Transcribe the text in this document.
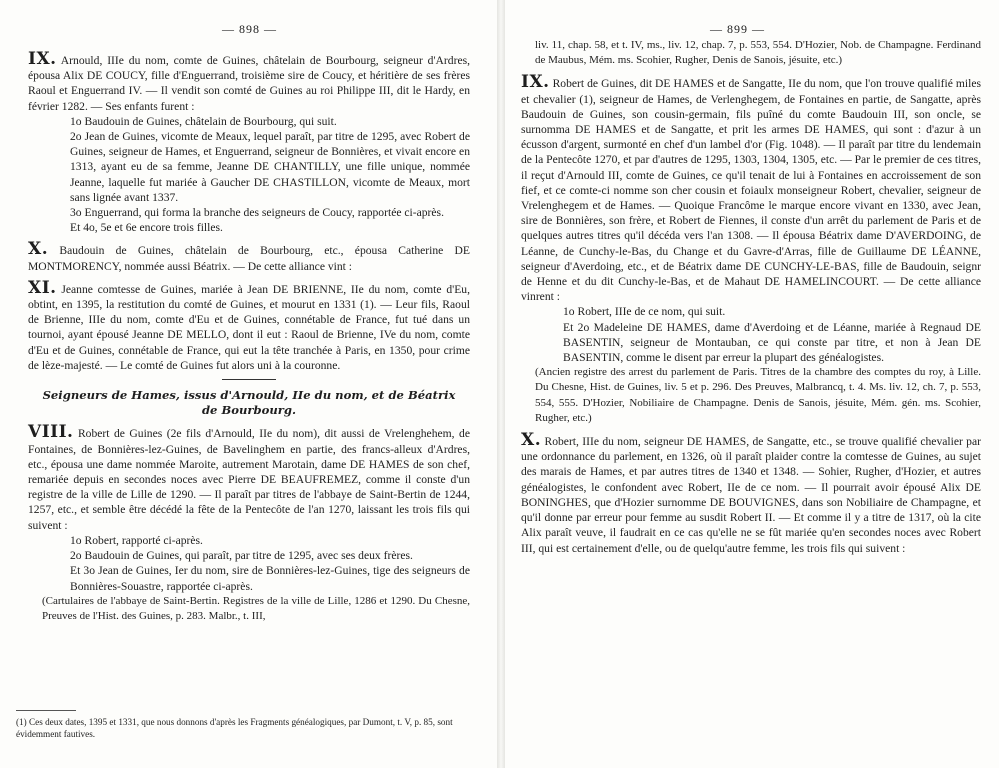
— 898 —

IX. Arnould, IIIe du nom, comte de Guines, châtelain de Bourbourg, seigneur d'Ardres, épousa Alix DE COUCY, fille d'Enguerrand, troisième sire de Coucy, et héritière de ses frères Raoul et Enguerrand IV. — Il vendit son comté de Guines au roi Philippe III, dit le Hardy, en février 1282. — Ses enfants furent :

1o Baudouin de Guines, châtelain de Bourbourg, qui suit.

2o Jean de Guines, vicomte de Meaux, lequel paraît, par titre de 1295, avec Robert de Guines, seigneur de Hames, et Enguerrand, seigneur de Bonnières, et vivait encore en 1313, ayant eu de sa femme, Jeanne DE CHANTILLY, une fille unique, nommée Jeanne, laquelle fut mariée à Gaucher DE CHASTILLON, vicomte de Meaux, mort sans lignée avant 1337.

3o Enguerrand, qui forma la branche des seigneurs de Coucy, rapportée ci-après.

Et 4o, 5e et 6e encore trois filles.

X. Baudouin de Guines, châtelain de Bourbourg, etc., épousa Catherine DE MONTMORENCY, nommée aussi Béatrix. — De cette alliance vint :

XI. Jeanne comtesse de Guines, mariée à Jean DE BRIENNE, IIe du nom, comte d'Eu, obtint, en 1395, la restitution du comté de Guines, et mourut en 1331 (1). — Leur fils, Raoul de Brienne, IIIe du nom, comte d'Eu et de Guines, connétable de France, fut tué dans un tournoi, ayant épousé Jeanne DE MELLO, dont il eut : Raoul de Brienne, IVe du nom, comte d'Eu et de Guines, connétable de France, qui eut la tête tranchée à Paris, en 1350, pour crime de lèze-majesté. — Le comté de Guines fut alors uni à la couronne.

Seigneurs de Hames, issus d'Arnould, IIe du nom, et de Béatrix de Bourbourg.

VIII. Robert de Guines (2e fils d'Arnould, IIe du nom), dit aussi de Vrelenghehem, de Fontaines, de Bonnières-lez-Guines, de Bavelinghem en partie, des francs-alleux d'Ardres, etc., épousa une dame nommée Maroite, autrement Marotain, dame DE HAMES de son chef, remariée depuis en secondes noces avec Pierre DE BEAUFREMEZ, comme il conste d'un registre de la ville de Lille de 1290. — Il paraît par titres de l'abbaye de Saint-Bertin de 1244, 1257, etc., et semble être décédé la fête de la Pentecôte de l'an 1270, laissant les trois fils qui suivent :

1o Robert, rapporté ci-après.

2o Baudouin de Guines, qui paraît, par titre de 1295, avec ses deux frères.

Et 3o Jean de Guines, Ier du nom, sire de Bonnières-lez-Guines, tige des seigneurs de Bonnières-Souastre, rapportée ci-après.

(Cartulaires de l'abbaye de Saint-Bertin. Registres de la ville de Lille, 1286 et 1290. Du Chesne, Preuves de l'Hist. des Guines, p. 283. Malbr., t. III,

(1) Ces deux dates, 1395 et 1331, que nous donnons d'après les Fragments généalogiques, par Dumont, t. V, p. 85, sont évidemment fautives.
— 899 —

liv. 11, chap. 58, et t. IV, ms., liv. 12, chap. 7, p. 553, 554. D'Hozier, Nob. de Champagne. Ferdinand de Maubus, Mém. ms. Scohier, Rugher, Denis de Sanois, jésuite, etc.)

IX. Robert de Guines, dit DE HAMES et de Sangatte, IIe du nom, que l'on trouve qualifié miles et chevalier (1), seigneur de Hames, de Verlenghegem, de Fontaines en partie, de Sangatte, après Baudouin de Guines, son cousin-germain, fils puîné du comte Baudouin III, son oncle, se surnomma DE HAMES et de Sangatte, et prit les armes DE HAMES, qui sont : d'azur à un écusson d'argent, surmonté en chef d'un lambel d'or (Fig. 1048). — Il paraît par titre du lendemain de la Pentecôte 1270, et par d'autres de 1295, 1303, 1304, 1305, etc. — Par le premier de ces titres, il reçut d'Arnould III, comte de Guines, ce qu'il tenait de lui à Fontaines en accroissement de son fief, et ce comte-ci nomme son cher cousin et foiaulx monseigneur Robert, chevalier, seigneur de Vrelenghegem et de Hames. — Quoique Francôme le marque encore vivant en 1330, avec Jean, sire de Bonnières, son frère, et Robert de Fiennes, il conste d'un arrêt du parlement de Paris et de quelques autres titres qu'il décéda vers l'an 1308. — Il épousa Béatrix dame D'AVERDOING, de Léanne, de Cunchy-le-Bas, du Change et du Gavre-d'Arras, fille de Guillaume DE LÉANNE, seigneur d'Averdoing, etc., et de Béatrix dame DE CUNCHY-LE-BAS, fille de Baudouin, seignr de Henne et du dit Cunchy-le-Bas, et de Mahaut DE HAMELINCOURT. — De cette alliance vinrent :

1o Robert, IIIe de ce nom, qui suit.

Et 2o Madeleine DE HAMES, dame d'Averdoing et de Léanne, mariée à Regnaud DE BASENTIN, seigneur de Montauban, ce qui conste par titre, et non à Jean DE BASENTIN, comme le disent par erreur la plupart des généalogistes.

(Ancien registre des arrest du parlement de Paris. Titres de la chambre des comptes du roy, à Lille. Du Chesne, Hist. de Guines, liv. 5 et p. 296. Des Preuves, Malbrancq, t. 4. Ms. liv. 12, ch. 7, p. 553, 554, 555. D'Hozier, Nobiliaire de Champagne. Denis de Sanois, jésuite, Mém. gén. ms. Scohier, Rugher, etc.)

X. Robert, IIIe du nom, seigneur DE HAMES, de Sangatte, etc., se trouve qualifié chevalier par une ordonnance du parlement, en 1326, où il paraît plaider contre la comtesse de Guines, au sujet des marais de Hames, et par autres titres de 1340 et 1348. — Sohier, Rugher, d'Hozier, et autres généalogistes, le confondent avec Robert, IIe de ce nom. — Il pourrait avoir épousé Alix DE BONINGHES, que d'Hozier surnomme DE BOUVIGNES, dans son Nobiliaire de Champagne, et qu'il donne par erreur pour femme au susdit Robert II. — Et comme il y a titre de 1317, où la cite Alix paraît veuve, il faudrait en ce cas qu'elle ne se fût mariée qu'en secondes noces avec Robert III, qui est certainement d'elle, ou de quelqu'autre femme, les trois fils qui suivent :
